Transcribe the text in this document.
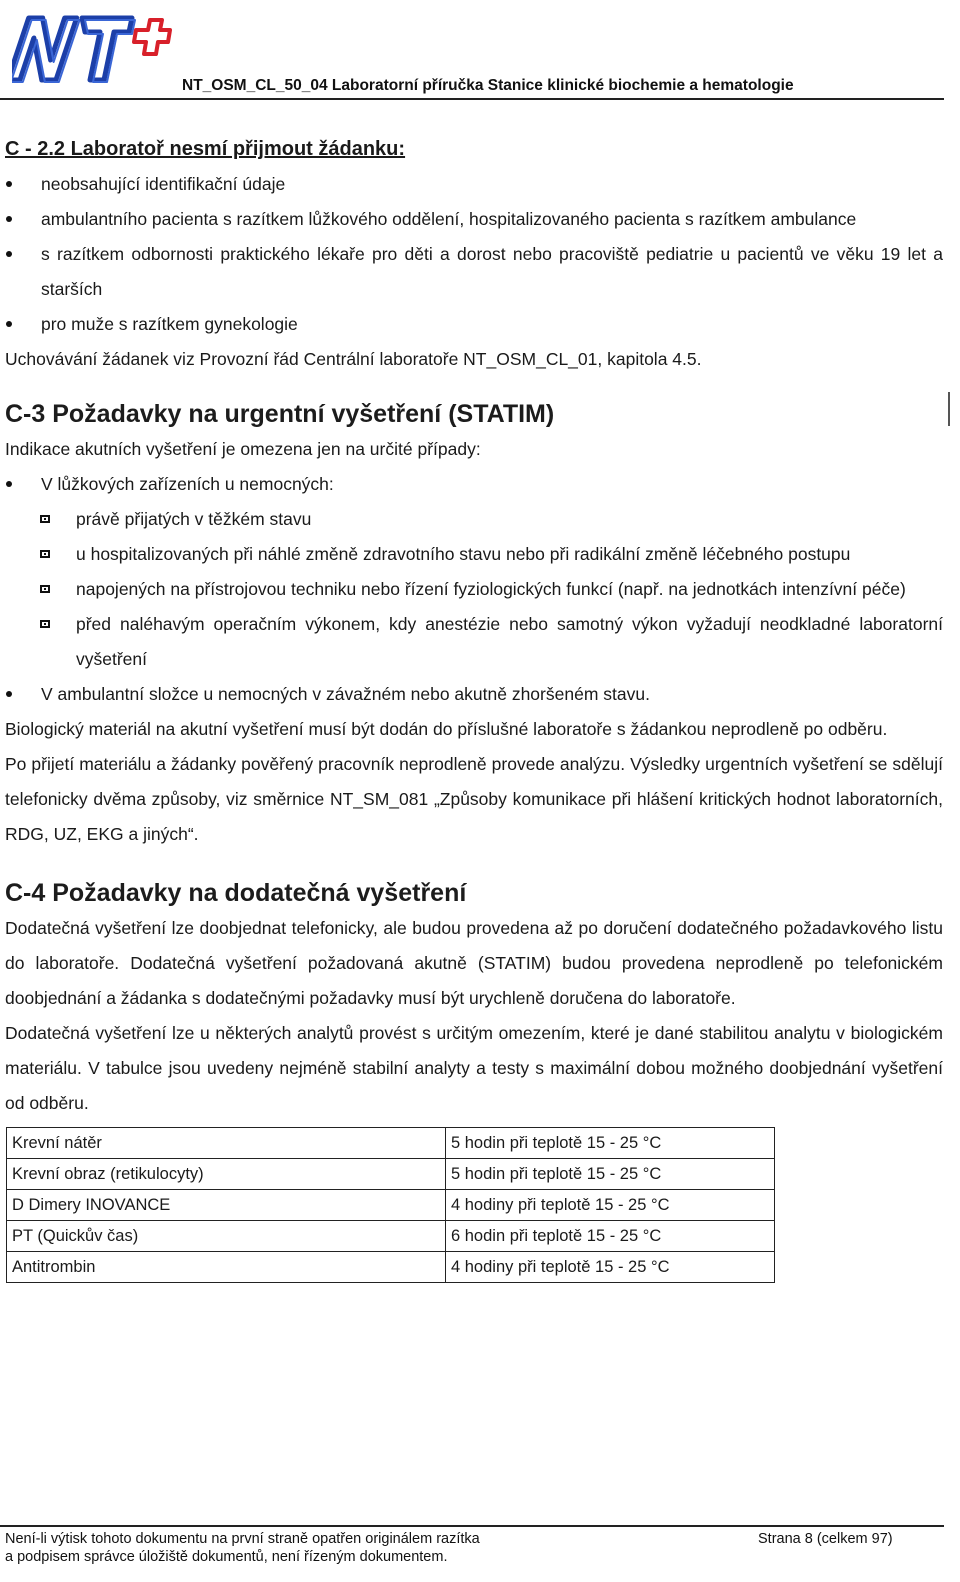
NT_OSM_CL_50_04 Laboratorní příručka Stanice klinické biochemie a hematologie

C - 2.2 Laboratoř nesmí přijmout žádanku:

neobsahující identifikační údaje
ambulantního pacienta s razítkem lůžkového oddělení, hospitalizovaného pacienta s razítkem ambulance
s razítkem odbornosti praktického lékaře pro děti a dorost nebo pracoviště pediatrie u pacientů ve věku 19 let a starších
pro muže s razítkem gynekologie

Uchovávání žádanek viz Provozní řád Centrální laboratoře NT_OSM_CL_01, kapitola 4.5.

C-3 Požadavky na urgentní vyšetření (STATIM)

Indikace akutních vyšetření je omezena jen na určité případy:

V lůžkových zařízeních u nemocných:
právě přijatých v těžkém stavu
u hospitalizovaných při náhlé změně zdravotního stavu nebo při radikální změně léčebného postupu
napojených na přístrojovou techniku nebo řízení fyziologických funkcí (např. na jednotkách intenzívní péče)
před naléhavým operačním výkonem, kdy anestézie nebo samotný výkon vyžadují neodkladné laboratorní vyšetření
V ambulantní složce u nemocných v závažném nebo akutně zhoršeném stavu.

Biologický materiál na akutní vyšetření musí být dodán do příslušné laboratoře s žádankou neprodleně po odběru.

Po přijetí materiálu a žádanky pověřený pracovník neprodleně provede analýzu. Výsledky urgentních vyšetření se sdělují telefonicky dvěma způsoby, viz směrnice NT_SM_081 „Způsoby komunikace při hlášení kritických hodnot laboratorních, RDG, UZ, EKG a jiných“.

C-4 Požadavky na dodatečná vyšetření

Dodatečná vyšetření lze doobjednat telefonicky, ale budou provedena až po doručení dodatečného požadavkového listu do laboratoře. Dodatečná vyšetření požadovaná akutně (STATIM) budou provedena neprodleně po telefonickém doobjednání a žádanka s dodatečnými požadavky musí být urychleně doručena do laboratoře.

Dodatečná vyšetření lze u některých analytů provést s určitým omezením, které je dané stabilitou analytu v biologickém materiálu. V tabulce jsou uvedeny nejméně stabilní analyty a testy s maximální dobou možného doobjednání vyšetření od odběru.

Krevní nátěr	5 hodin při teplotě 15 - 25 °C
Krevní obraz (retikulocyty)	5 hodin při teplotě 15 - 25 °C
D Dimery INOVANCE	4 hodiny při teplotě 15 - 25 °C
PT (Quickův čas)	6 hodin při teplotě 15 - 25 °C
Antitrombin	4 hodiny při teplotě 15 - 25 °C
Není-li výtisk tohoto dokumentu na první straně opatřen originálem razítka
a podpisem správce úložiště dokumentů, není řízeným dokumentem.
Strana 8 (celkem 97)
